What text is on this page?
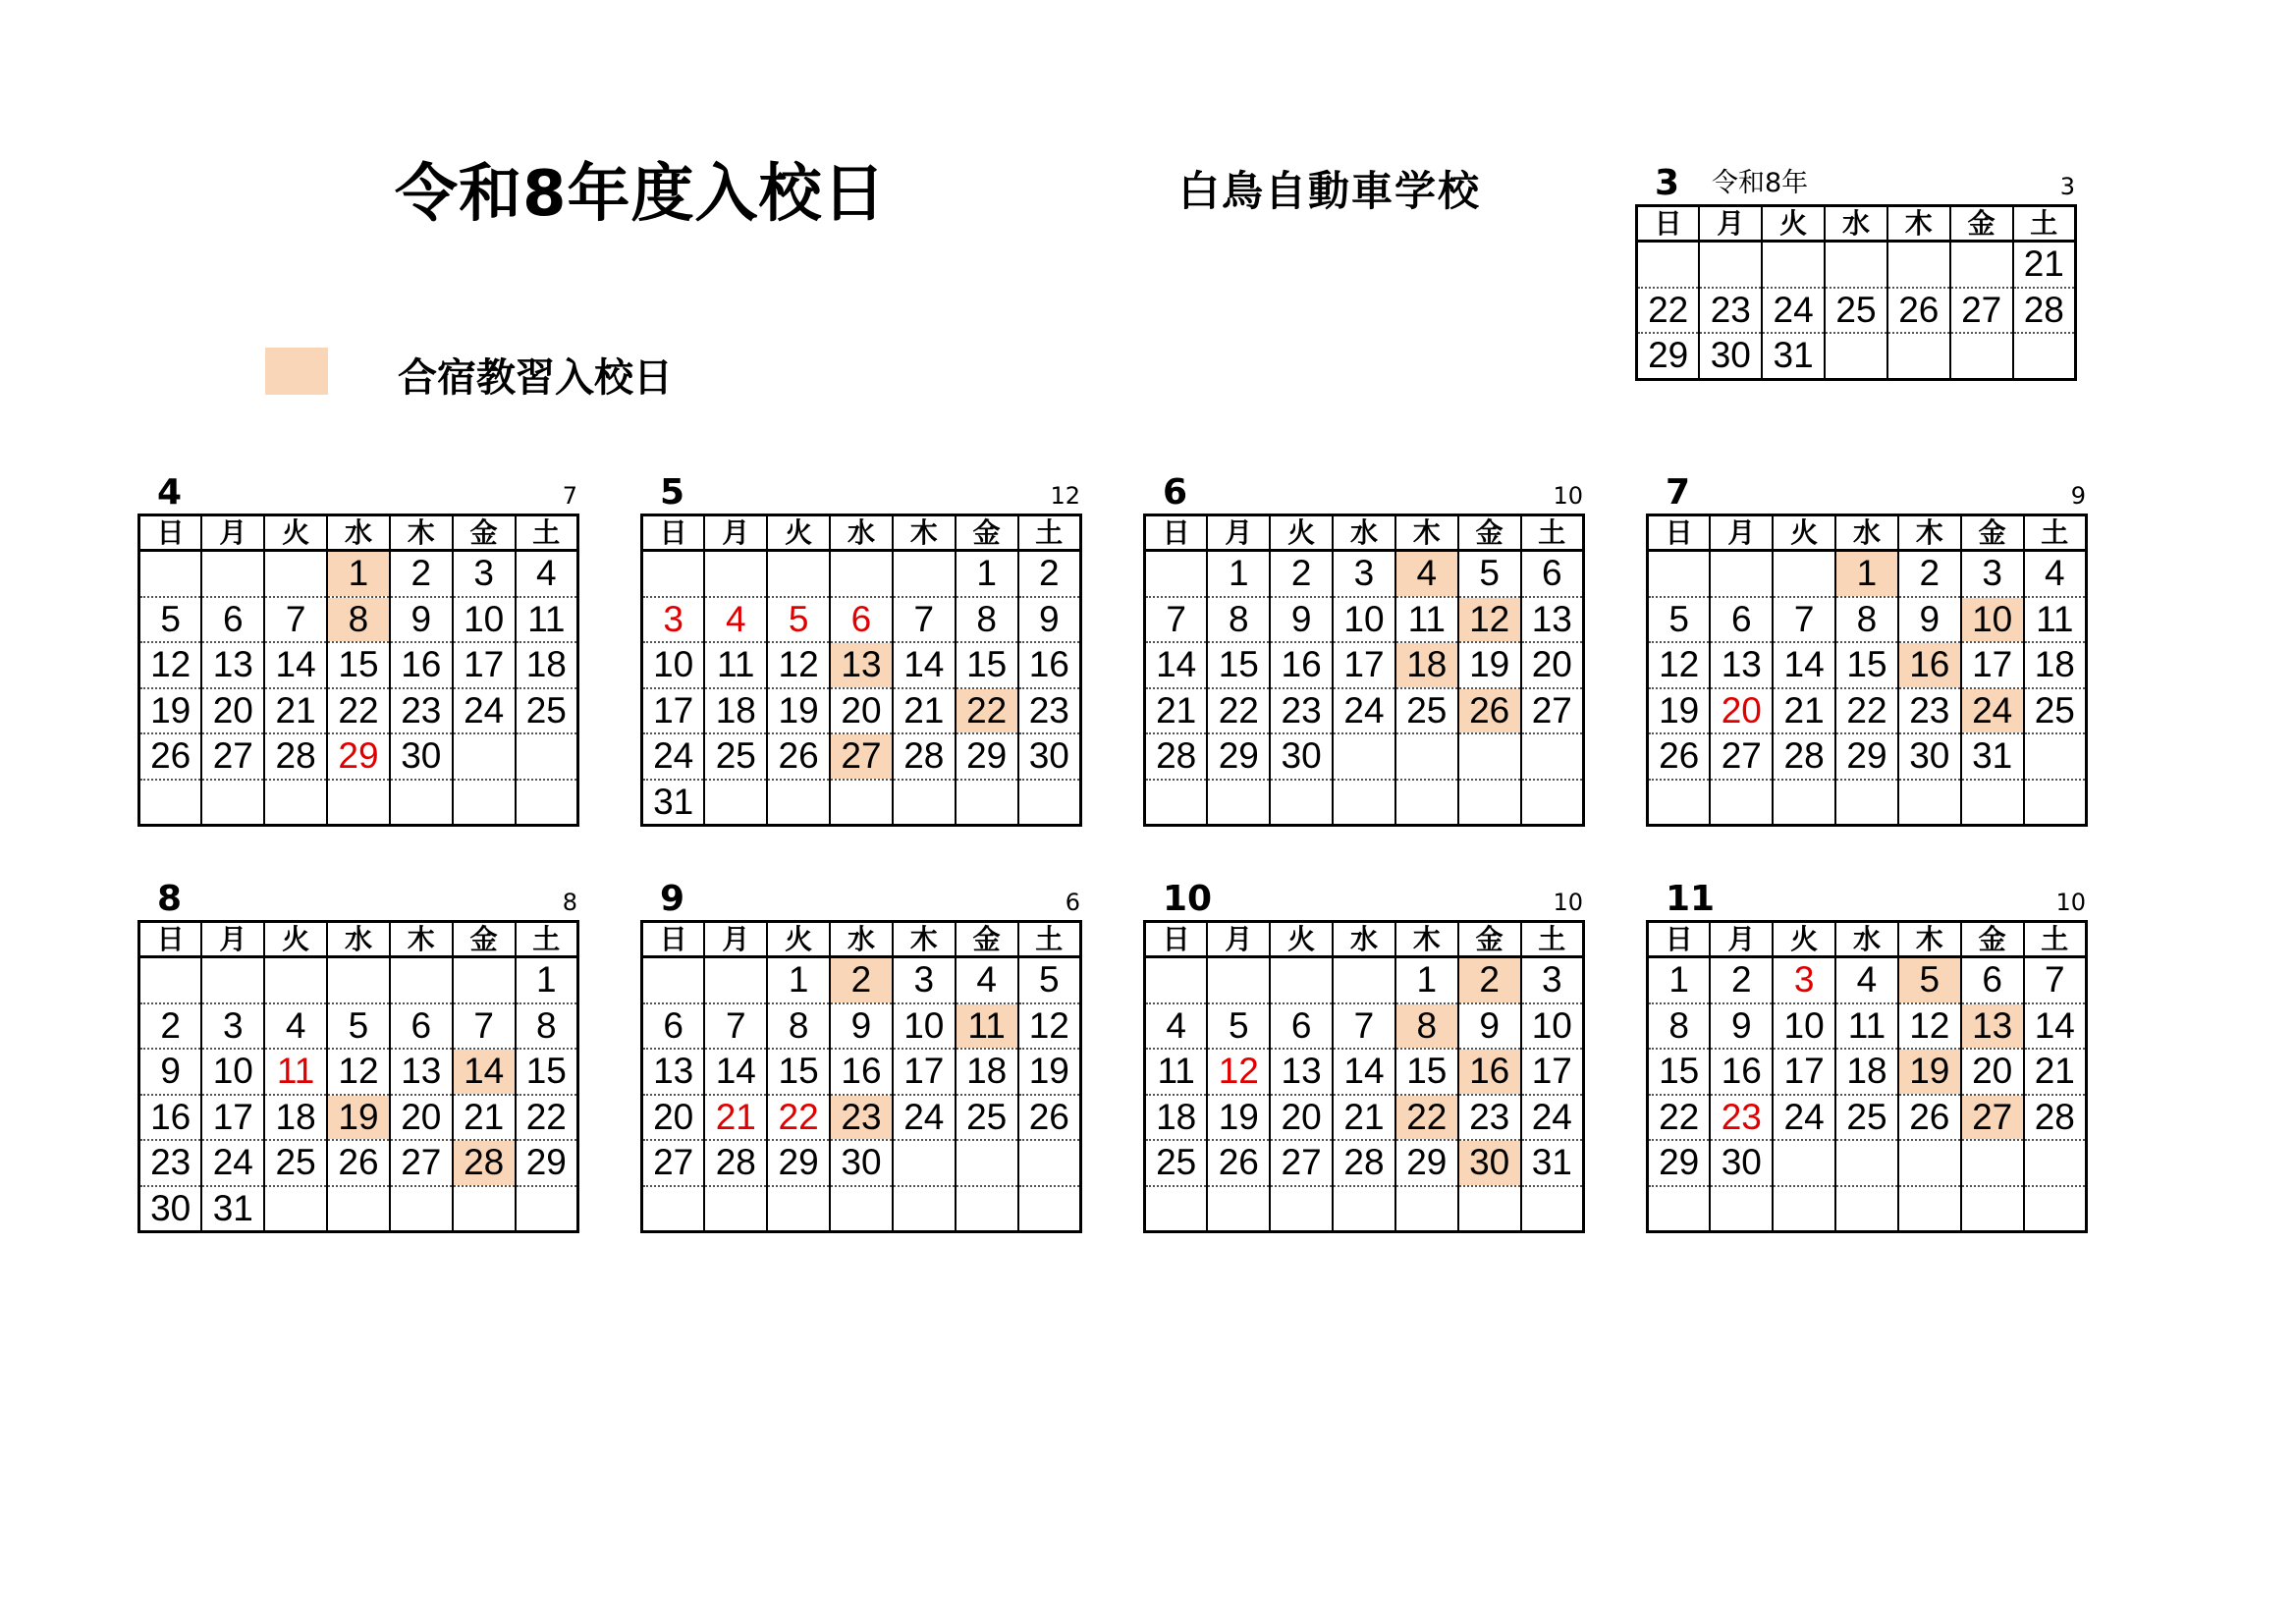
令和8年度入校日	白鳥自動車学校
合宿教習入校日
3 令和8年	3
日	月	火	水	木	金	土
						21
22	23	24	25	26	27	28
29	30	31				
4	7
日	月	火	水	木	金	土
			1	2	3	4
5	6	7	8	9	10	11
12	13	14	15	16	17	18
19	20	21	22	23	24	25
26	27	28	29	30		

5	12
日	月	火	水	木	金	土
					1	2
3	4	5	6	7	8	9
10	11	12	13	14	15	16
17	18	19	20	21	22	23
24	25	26	27	28	29	30
31						
6	10
日	月	火	水	木	金	土
	1	2	3	4	5	6
7	8	9	10	11	12	13
14	15	16	17	18	19	20
21	22	23	24	25	26	27
28	29	30				

7	9
日	月	火	水	木	金	土
			1	2	3	4
5	6	7	8	9	10	11
12	13	14	15	16	17	18
19	20	21	22	23	24	25
26	27	28	29	30	31	

8	8
日	月	火	水	木	金	土
						1
2	3	4	5	6	7	8
9	10	11	12	13	14	15
16	17	18	19	20	21	22
23	24	25	26	27	28	29
30	31					
9	6
日	月	火	水	木	金	土
		1	2	3	4	5
6	7	8	9	10	11	12
13	14	15	16	17	18	19
20	21	22	23	24	25	26
27	28	29	30			

10	10
日	月	火	水	木	金	土
				1	2	3
4	5	6	7	8	9	10
11	12	13	14	15	16	17
18	19	20	21	22	23	24
25	26	27	28	29	30	31

11	10
日	月	火	水	木	金	土
1	2	3	4	5	6	7
8	9	10	11	12	13	14
15	16	17	18	19	20	21
22	23	24	25	26	27	28
29	30					
